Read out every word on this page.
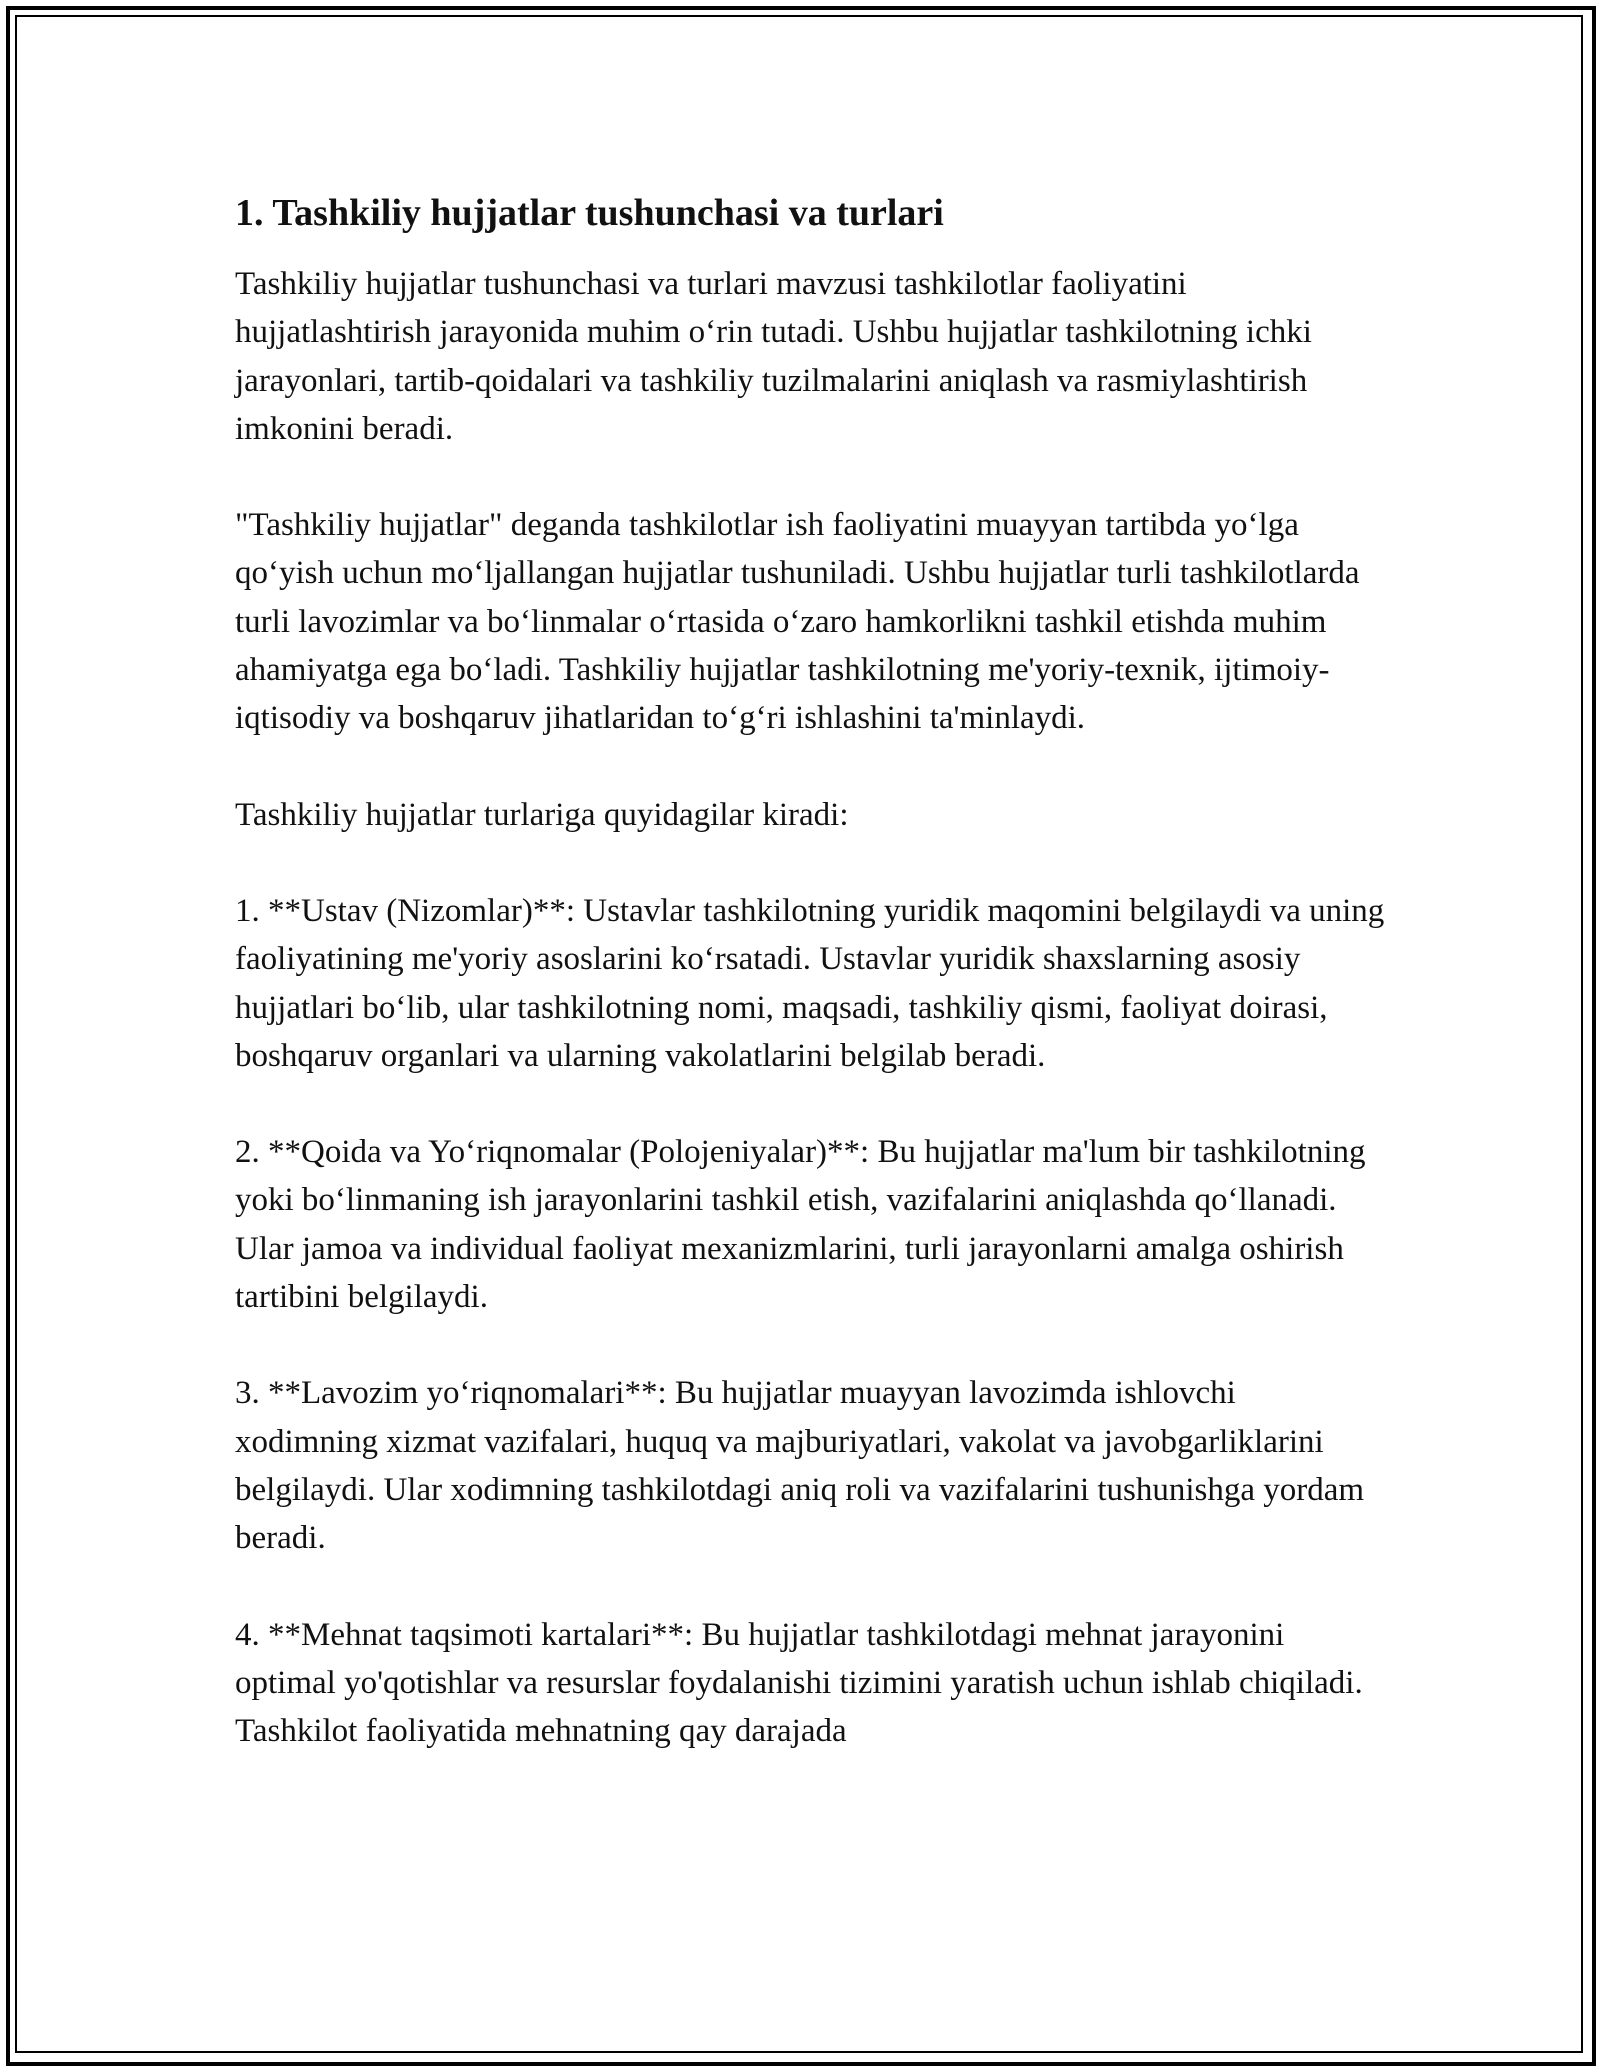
1. Tashkiliy hujjatlar tushunchasi va turlari

Tashkiliy hujjatlar tushunchasi va turlari mavzusi tashkilotlar faoliyatini hujjatlashtirish jarayonida muhim o‘rin tutadi. Ushbu hujjatlar tashkilotning ichki jarayonlari, tartib-qoidalari va tashkiliy tuzilmalarini aniqlash va rasmiylashtirish imkonini beradi.

"Tashkiliy hujjatlar" deganda tashkilotlar ish faoliyatini muayyan tartibda yo‘lga qo‘yish uchun mo‘ljallangan hujjatlar tushuniladi. Ushbu hujjatlar turli tashkilotlarda turli lavozimlar va bo‘linmalar o‘rtasida o‘zaro hamkorlikni tashkil etishda muhim ahamiyatga ega bo‘ladi. Tashkiliy hujjatlar tashkilotning me'yoriy-texnik, ijtimoiy-iqtisodiy va boshqaruv jihatlaridan to‘g‘ri ishlashini ta'minlaydi.

Tashkiliy hujjatlar turlariga quyidagilar kiradi:

1. **Ustav (Nizomlar)**: Ustavlar tashkilotning yuridik maqomini belgilaydi va uning faoliyatining me'yoriy asoslarini ko‘rsatadi. Ustavlar yuridik shaxslarning asosiy hujjatlari bo‘lib, ular tashkilotning nomi, maqsadi, tashkiliy qismi, faoliyat doirasi, boshqaruv organlari va ularning vakolatlarini belgilab beradi.

2. **Qoida va Yo‘riqnomalar (Polojeniyalar)**: Bu hujjatlar ma'lum bir tashkilotning yoki bo‘linmaning ish jarayonlarini tashkil etish, vazifalarini aniqlashda qo‘llanadi. Ular jamoa va individual faoliyat mexanizmlarini, turli jarayonlarni amalga oshirish tartibini belgilaydi.

3. **Lavozim yo‘riqnomalari**: Bu hujjatlar muayyan lavozimda ishlovchi xodimning xizmat vazifalari, huquq va majburiyatlari, vakolat va javobgarliklarini belgilaydi. Ular xodimning tashkilotdagi aniq roli va vazifalarini tushunishga yordam beradi.

4. **Mehnat taqsimoti kartalari**: Bu hujjatlar tashkilotdagi mehnat jarayonini optimal yo'qotishlar va resurslar foydalanishi tizimini yaratish uchun ishlab chiqiladi. Tashkilot faoliyatida mehnatning qay darajada
